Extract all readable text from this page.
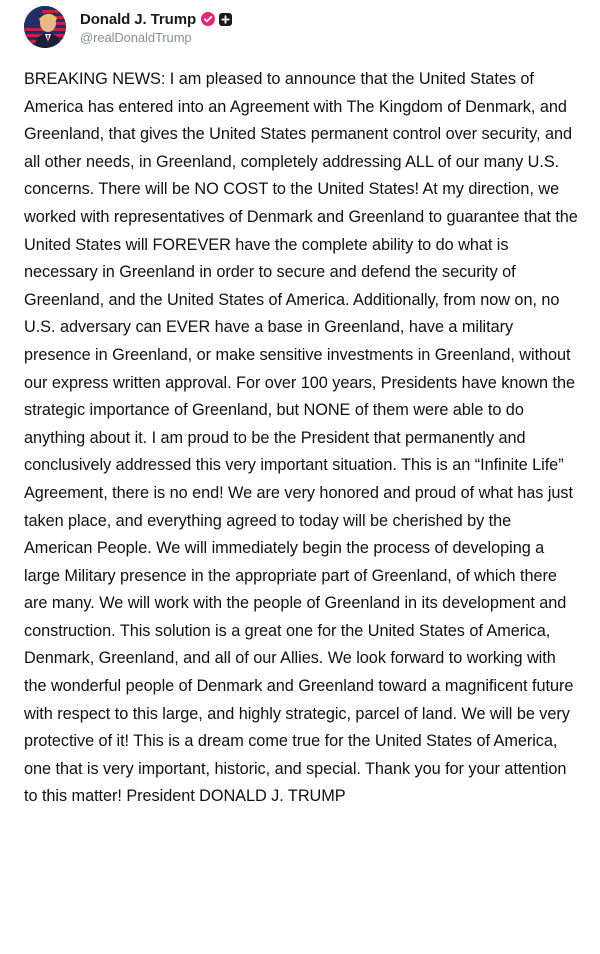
Donald J. Trump
@realDonaldTrump
BREAKING NEWS: I am pleased to announce that the United States of America has entered into an Agreement with The Kingdom of Denmark, and Greenland, that gives the United States permanent control over security, and all other needs, in Greenland, completely addressing ALL of our many U.S. concerns. There will be NO COST to the United States! At my direction, we worked with representatives of Denmark and Greenland to guarantee that the United States will FOREVER have the complete ability to do what is necessary in Greenland in order to secure and defend the security of Greenland, and the United States of America. Additionally, from now on, no U.S. adversary can EVER have a base in Greenland, have a military presence in Greenland, or make sensitive investments in Greenland, without our express written approval. For over 100 years, Presidents have known the strategic importance of Greenland, but NONE of them were able to do anything about it. I am proud to be the President that permanently and conclusively addressed this very important situation. This is an “Infinite Life” Agreement, there is no end! We are very honored and proud of what has just taken place, and everything agreed to today will be cherished by the American People. We will immediately begin the process of developing a large Military presence in the appropriate part of Greenland, of which there are many. We will work with the people of Greenland in its development and construction. This solution is a great one for the United States of America, Denmark, Greenland, and all of our Allies. We look forward to working with the wonderful people of Denmark and Greenland toward a magnificent future with respect to this large, and highly strategic, parcel of land. We will be very protective of it! This is a dream come true for the United States of America, one that is very important, historic, and special. Thank you for your attention to this matter! President DONALD J. TRUMP
